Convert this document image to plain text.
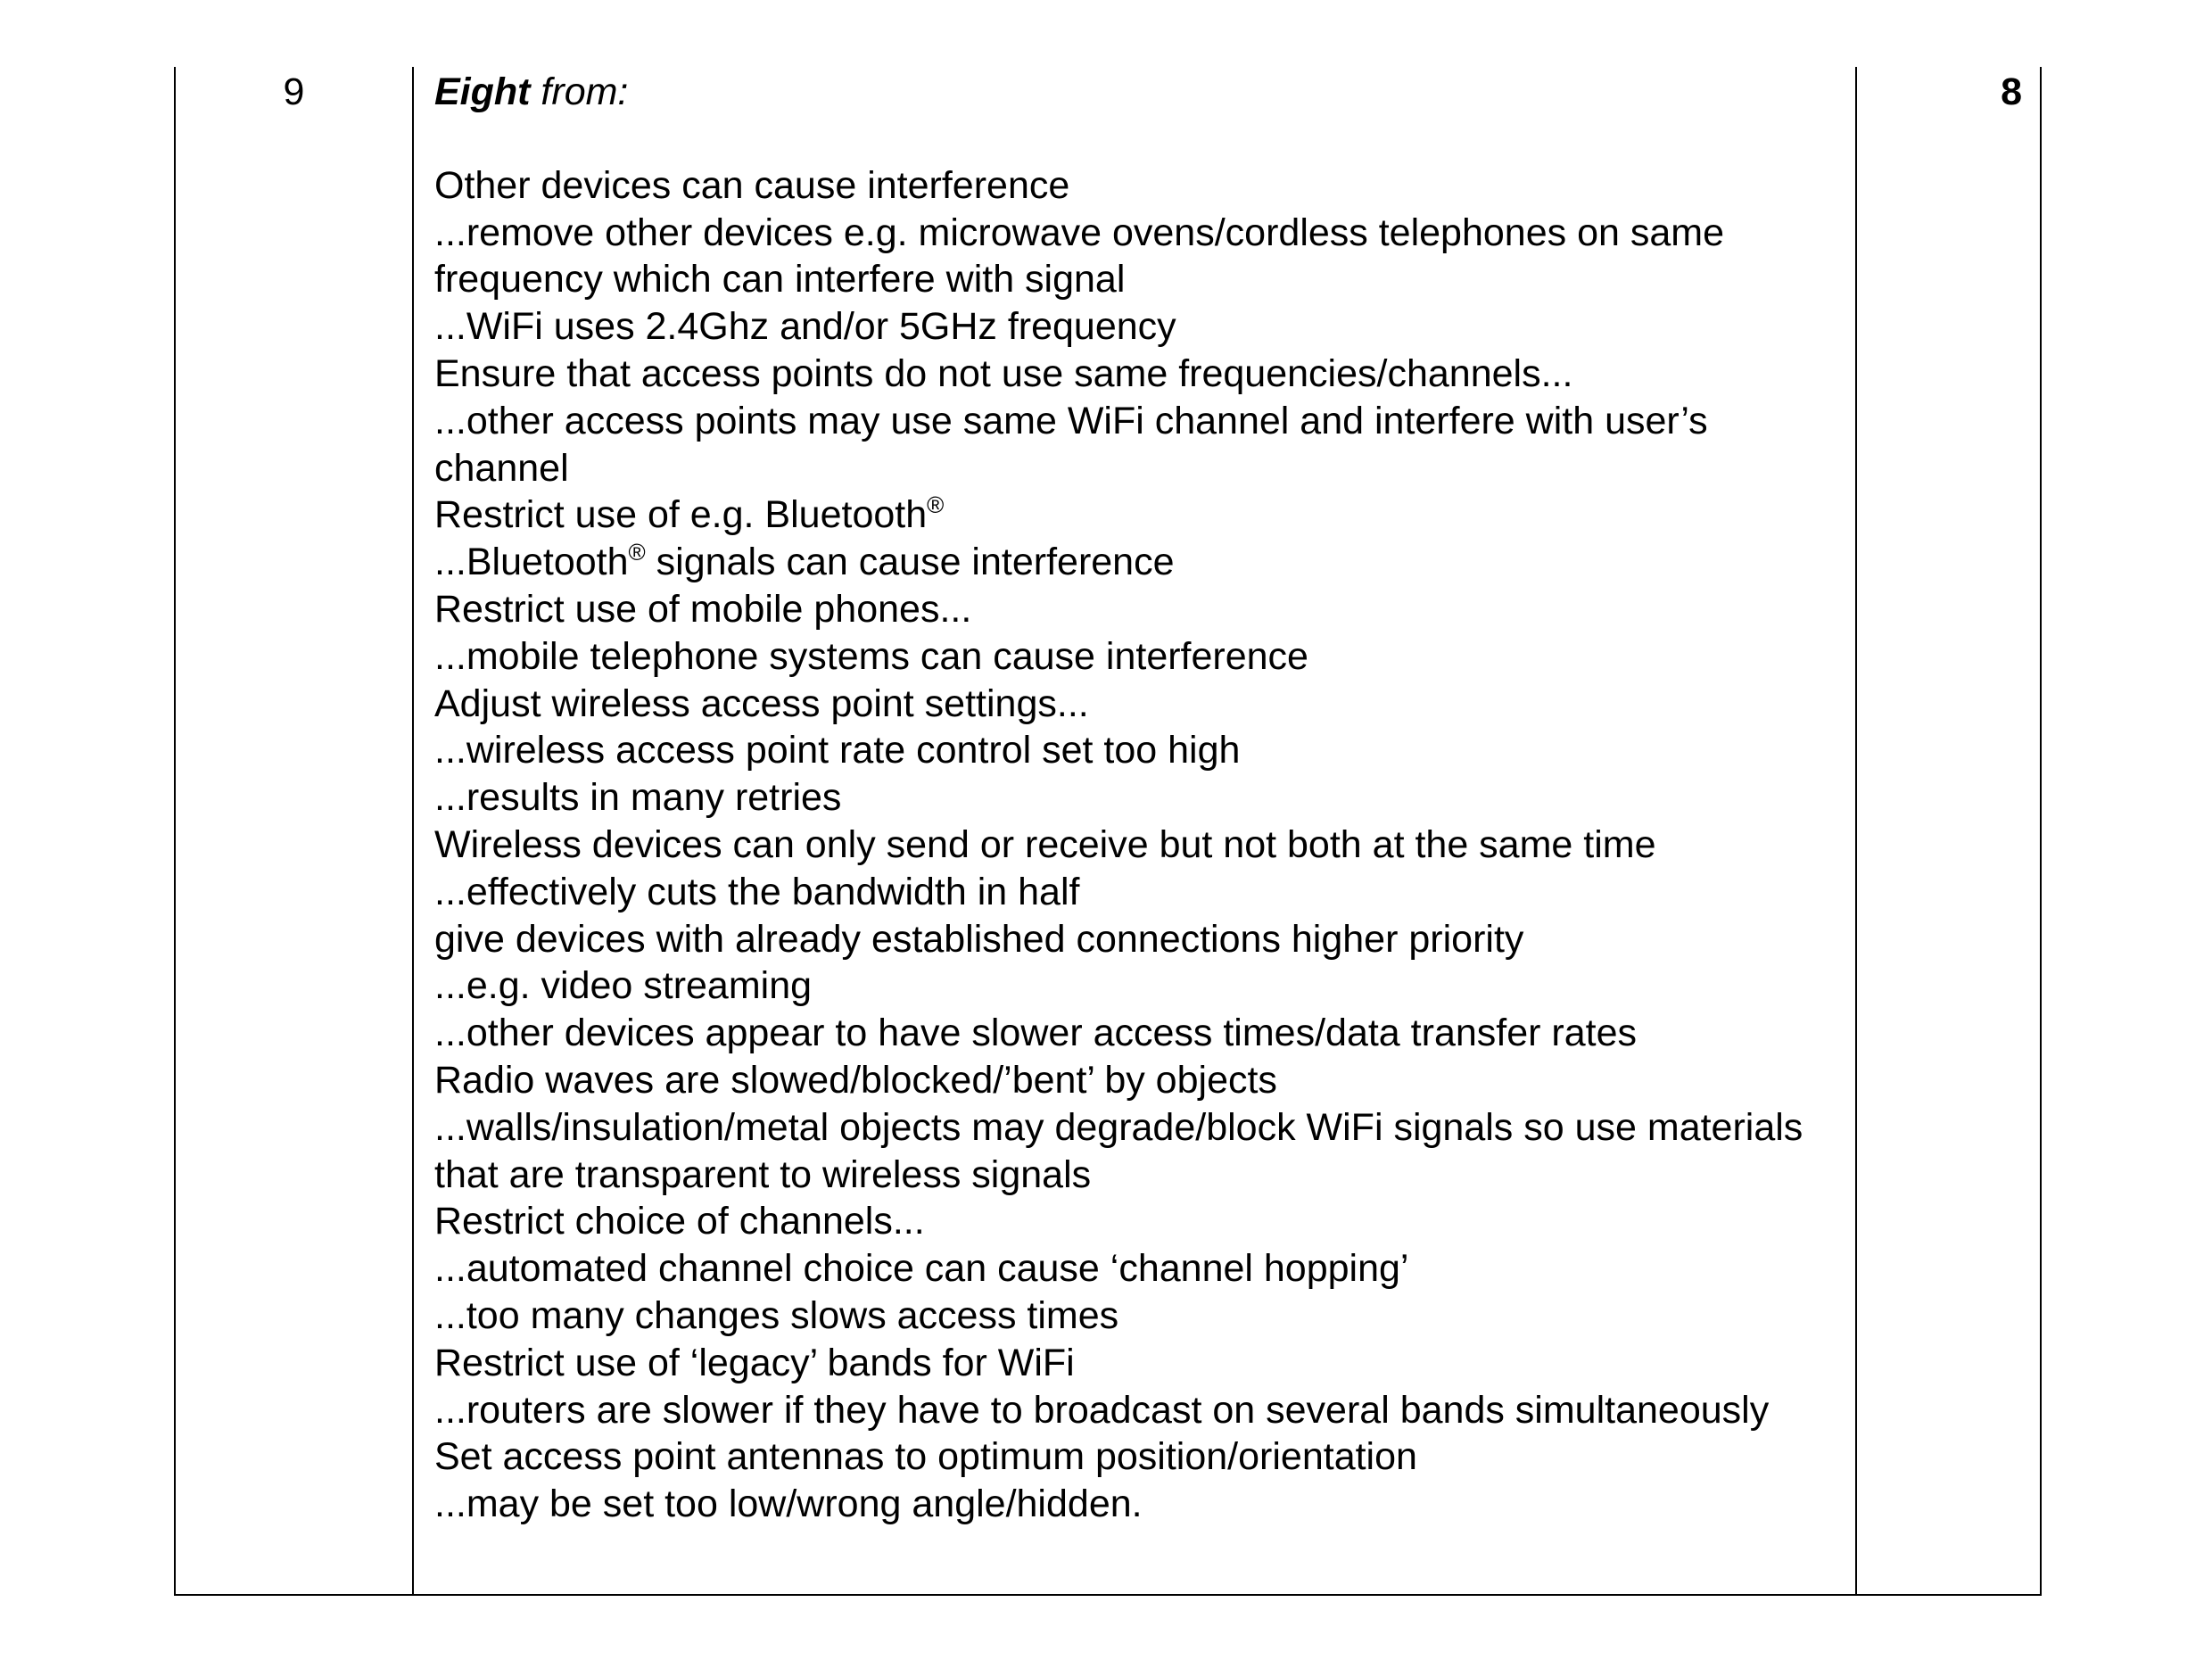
9	Eight from:
Other devices can cause interference
...remove other devices e.g. microwave ovens/cordless telephones on same frequency which can interfere with signal
...WiFi uses 2.4Ghz and/or 5GHz frequency
Ensure that access points do not use same frequencies/channels...
...other access points may use same WiFi channel and interfere with user’s channel
Restrict use of e.g. Bluetooth®
...Bluetooth® signals can cause interference
Restrict use of mobile phones...
...mobile telephone systems can cause interference
Adjust wireless access point settings...
...wireless access point rate control set too high
...results in many retries
Wireless devices can only send or receive but not both at the same time
...effectively cuts the bandwidth in half
give devices with already established connections higher priority
...e.g. video streaming
...other devices appear to have slower access times/data transfer rates
Radio waves are slowed/blocked/’bent’ by objects
...walls/insulation/metal objects may degrade/block WiFi signals so use materials that are transparent to wireless signals
Restrict choice of channels...
...automated channel choice can cause ‘channel hopping’
...too many changes slows access times
Restrict use of ‘legacy’ bands for WiFi
...routers are slower if they have to broadcast on several bands simultaneously
Set access point antennas to optimum position/orientation
...may be set too low/wrong angle/hidden.
8
